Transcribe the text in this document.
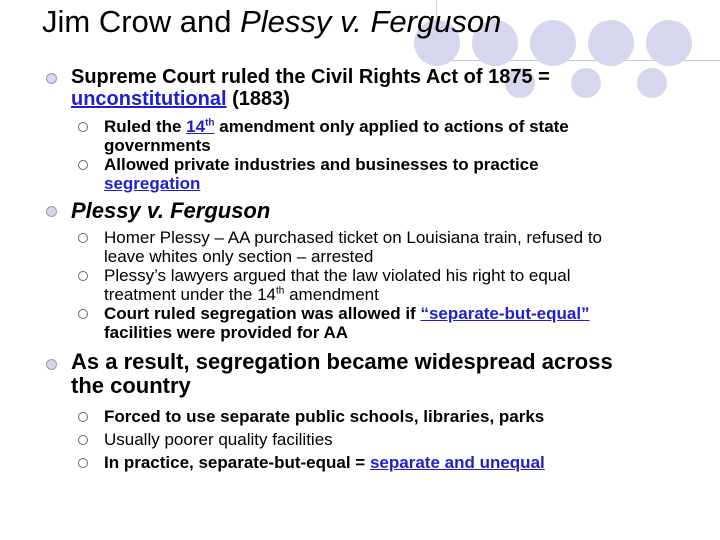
Jim Crow and Plessy v. Ferguson
Supreme Court ruled the Civil Rights Act of 1875 =
unconstitutional (1883)
Ruled the 14th amendment only applied to actions of state
governments
Allowed private industries and businesses to practice
segregation
Plessy v. Ferguson
Homer Plessy – AA purchased ticket on Louisiana train, refused to
leave whites only section – arrested
Plessy’s lawyers argued that the law violated his right to equal
treatment under the 14th amendment
Court ruled segregation was allowed if “separate-but-equal”
facilities were provided for AA
As a result, segregation became widespread across
the country
Forced to use separate public schools, libraries, parks
Usually poorer quality facilities
In practice, separate-but-equal = separate and unequal
